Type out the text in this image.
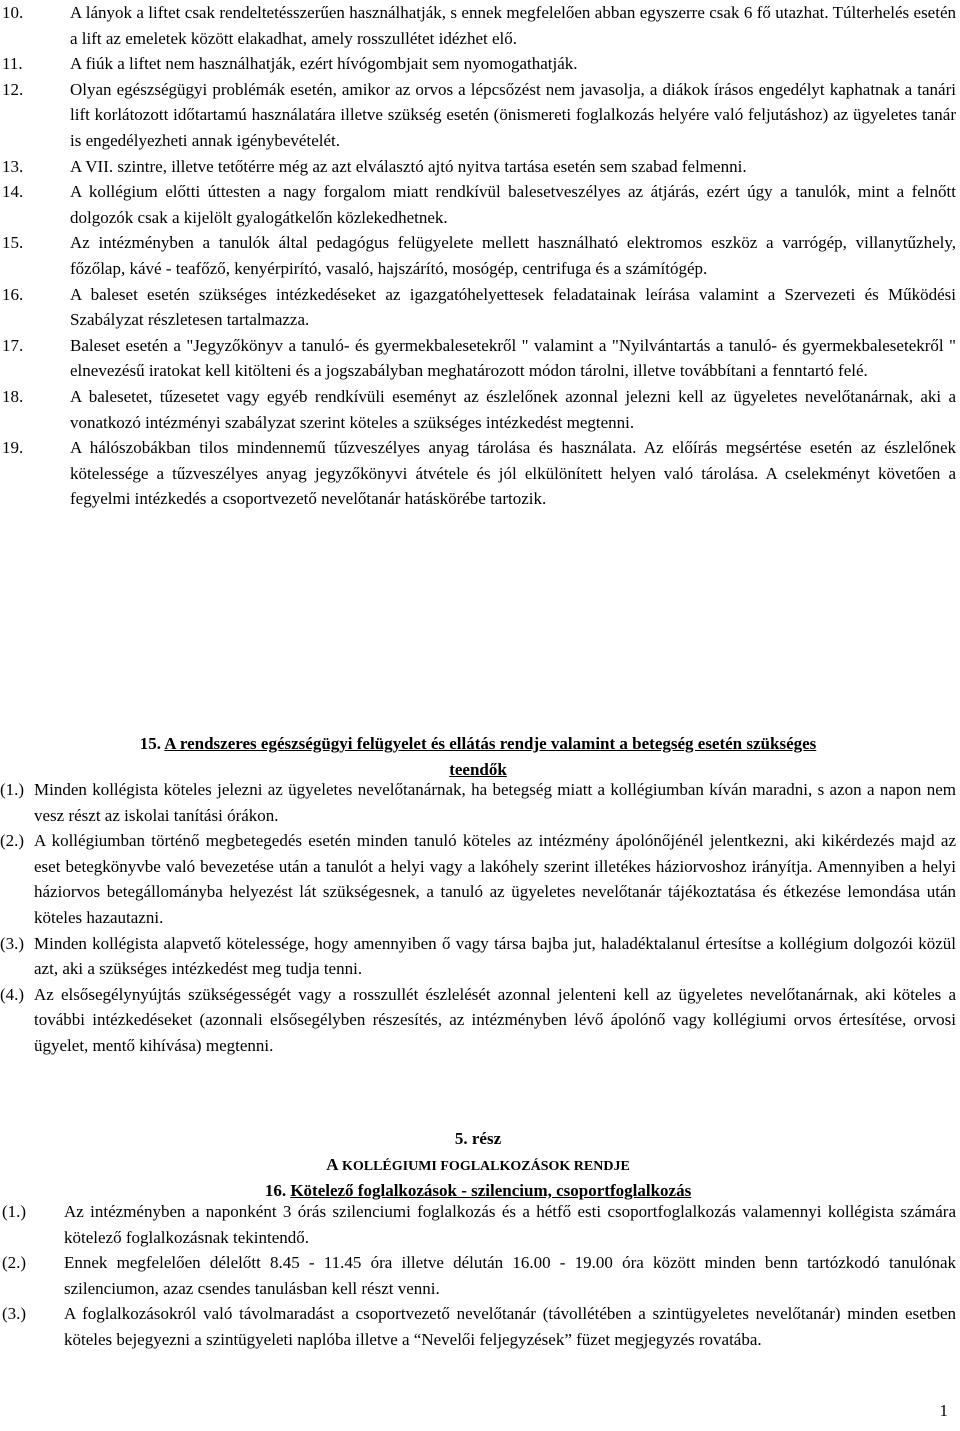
10.	A lányok a liftet csak rendeltetésszerűen használhatják, s ennek megfelelően abban egyszerre csak 6 fő utazhat. Túlterhelés esetén a lift az emeletek között elakadhat, amely rosszullétet idézhet elő.
11.	A fiúk a liftet nem használhatják, ezért hívógombjait sem nyomogathatják.
12.	Olyan egészségügyi problémák esetén, amikor az orvos a lépcsőzést nem javasolja, a diákok írásos engedélyt kaphatnak a tanári lift korlátozott időtartamú használatára illetve szükség esetén (önismereti foglalkozás helyére való feljutáshoz) az ügyeletes tanár is engedélyezheti annak igénybevételét.
13.	A VII. szintre, illetve tetőtérre még az azt elválasztó ajtó nyitva tartása esetén sem szabad felmenni.
14.	A kollégium előtti úttesten a nagy forgalom miatt rendkívül balesetveszélyes az átjárás, ezért úgy a tanulók, mint a felnőtt dolgozók csak a kijelölt gyalogátkelőn közlekedhetnek.
15.	Az intézményben a tanulók által pedagógus felügyelete mellett használható elektromos eszköz a varrógép, villanytűzhely, főzőlap, kávé - teafőző, kenyérpirító, vasaló, hajszárító, mosógép, centrifuga és a számítógép.
16.	A baleset esetén szükséges intézkedéseket az igazgatóhelyettesek feladatainak leírása valamint a Szervezeti és Működési Szabályzat részletesen tartalmazza.
17.	Baleset esetén a "Jegyzőkönyv a tanuló- és gyermekbalesetekről " valamint a "Nyilvántartás a tanuló- és gyermekbalesetekről " elnevezésű iratokat kell kitölteni és a jogszabályban meghatározott módon tárolni, illetve továbbítani a fenntartó felé.
18.	A balesetet, tűzesetet vagy egyéb rendkívüli eseményt az észlelőnek azonnal jelezni kell az ügyeletes nevelőtanárnak, aki a vonatkozó intézményi szabályzat szerint köteles a szükséges intézkedést megtenni.
19.	A hálószobákban tilos mindennemű tűzveszélyes anyag tárolása és használata. Az előírás megsértése esetén az észlelőnek kötelessége a tűzveszélyes anyag jegyzőkönyvi átvétele és jól elkülönített helyen való tárolása. A cselekményt követően a fegyelmi intézkedés a csoportvezető nevelőtanár hatáskörébe tartozik.
15. A rendszeres egészségügyi felügyelet és ellátás rendje valamint a betegség esetén szükséges
teendők
(1.) Minden kollégista köteles jelezni az ügyeletes nevelőtanárnak, ha betegség miatt a kollégiumban kíván maradni, s azon a napon nem vesz részt az iskolai tanítási órákon.
(2.) A kollégiumban történő megbetegedés esetén minden tanuló köteles az intézmény ápolónőjénél jelentkezni, aki kikérdezés majd az eset betegkönyvbe való bevezetése után a tanulót a helyi vagy a lakóhely szerint illetékes háziorvoshoz irányítja. Amennyiben a helyi háziorvos betegállományba helyezést lát szükségesnek, a tanuló az ügyeletes nevelőtanár tájékoztatása és étkezése lemondása után köteles hazautazni.
(3.) Minden kollégista alapvető kötelessége, hogy amennyiben ő vagy társa bajba jut, haladéktalanul értesítse a kollégium dolgozói közül azt, aki a szükséges intézkedést meg tudja tenni.
(4.) Az elsősegélynyújtás szükségességét vagy a rosszullét észlelését azonnal jelenteni kell az ügyeletes nevelőtanárnak, aki köteles a további intézkedéseket (azonnali elsősegélyben részesítés, az intézményben lévő ápolónő vagy kollégiumi orvos értesítése, orvosi ügyelet, mentő kihívása) megtenni.
5. rész
A KOLLÉGIUMI FOGLALKOZÁSOK RENDJE
16. Kötelező foglalkozások - szilencium, csoportfoglalkozás
(1.) Az intézményben a naponként 3 órás szilenciumi foglalkozás és a hétfő esti csoportfoglalkozás valamennyi kollégista számára kötelező foglalkozásnak tekintendő.
(2.) Ennek megfelelően délelőtt 8.45 - 11.45 óra illetve délután 16.00 - 19.00 óra között minden benn tartózkodó tanulónak szilenciumon, azaz csendes tanulásban kell részt venni.
(3.) A foglalkozásokról való távolmaradást a csoportvezető nevelőtanár (távollétében a szintügyeletes nevelőtanár) minden esetben köteles bejegyezni a szintügyeleti naplóba illetve a “Nevelői feljegyzések” füzet megjegyzés rovatába.
1
